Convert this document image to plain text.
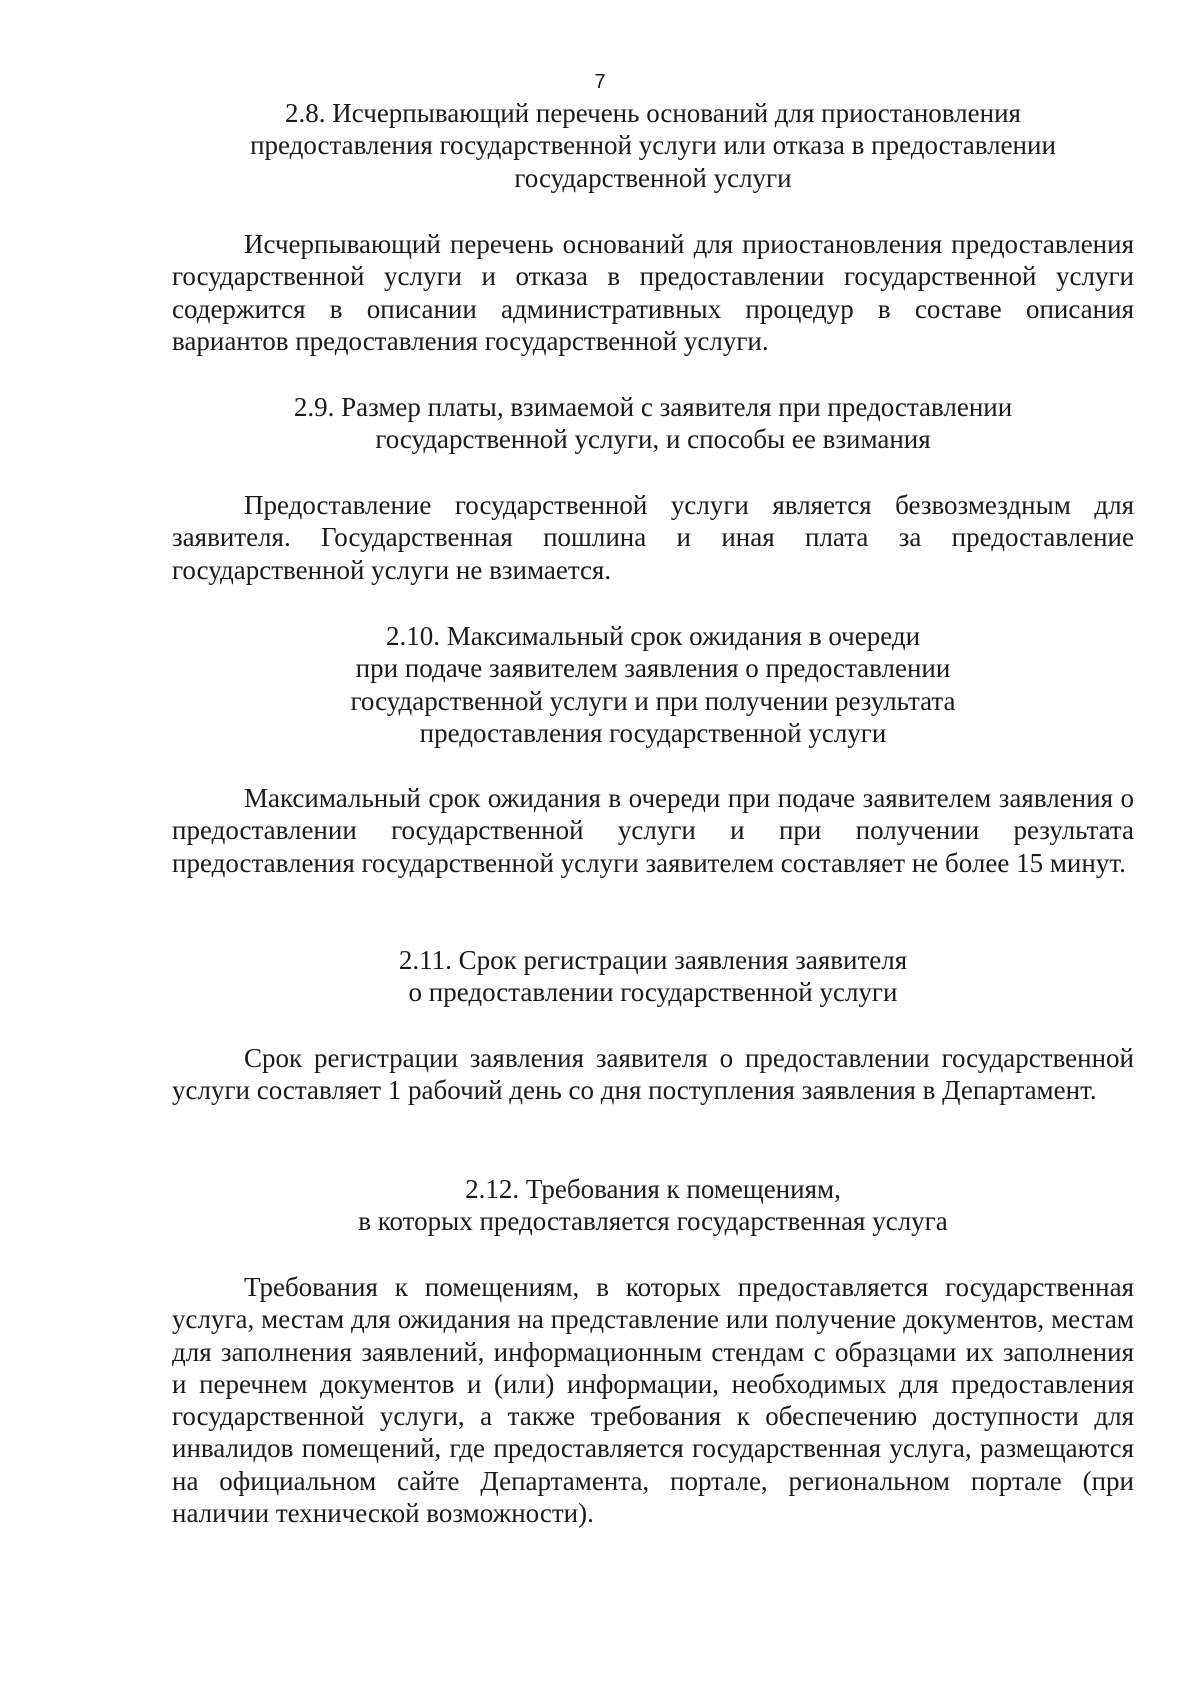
7
2.8. Исчерпывающий перечень оснований для приостановления
предоставления государственной услуги или отказа в предоставлении
государственной услуги

Исчерпывающий перечень оснований для приостановления предоставления государственной услуги и отказа в предоставлении государственной услуги содержится в описании административных процедур в составе описания вариантов предоставления государственной услуги.

2.9. Размер платы, взимаемой с заявителя при предоставлении
государственной услуги, и способы ее взимания

Предоставление государственной услуги является безвозмездным для заявителя. Государственная пошлина и иная плата за предоставление государственной услуги не взимается.

2.10. Максимальный срок ожидания в очереди
при подаче заявителем заявления о предоставлении
государственной услуги и при получении результата
предоставления государственной услуги

Максимальный срок ожидания в очереди при подаче заявителем заявления о предоставлении государственной услуги и при получении результата предоставления государственной услуги заявителем составляет не более 15 минут.

2.11. Срок регистрации заявления заявителя
о предоставлении государственной услуги

Срок регистрации заявления заявителя о предоставлении государственной услуги составляет 1 рабочий день со дня поступления заявления в Департамент.

2.12. Требования к помещениям,
в которых предоставляется государственная услуга

Требования к помещениям, в которых предоставляется государственная услуга, местам для ожидания на представление или получение документов, местам для заполнения заявлений, информационным стендам с образцами их заполнения и перечнем документов и (или) информации, необходимых для предоставления государственной услуги, а также требования к обеспечению доступности для инвалидов помещений, где предоставляется государственная услуга, размещаются на официальном сайте Департамента, портале, региональном портале (при наличии технической возможности).
